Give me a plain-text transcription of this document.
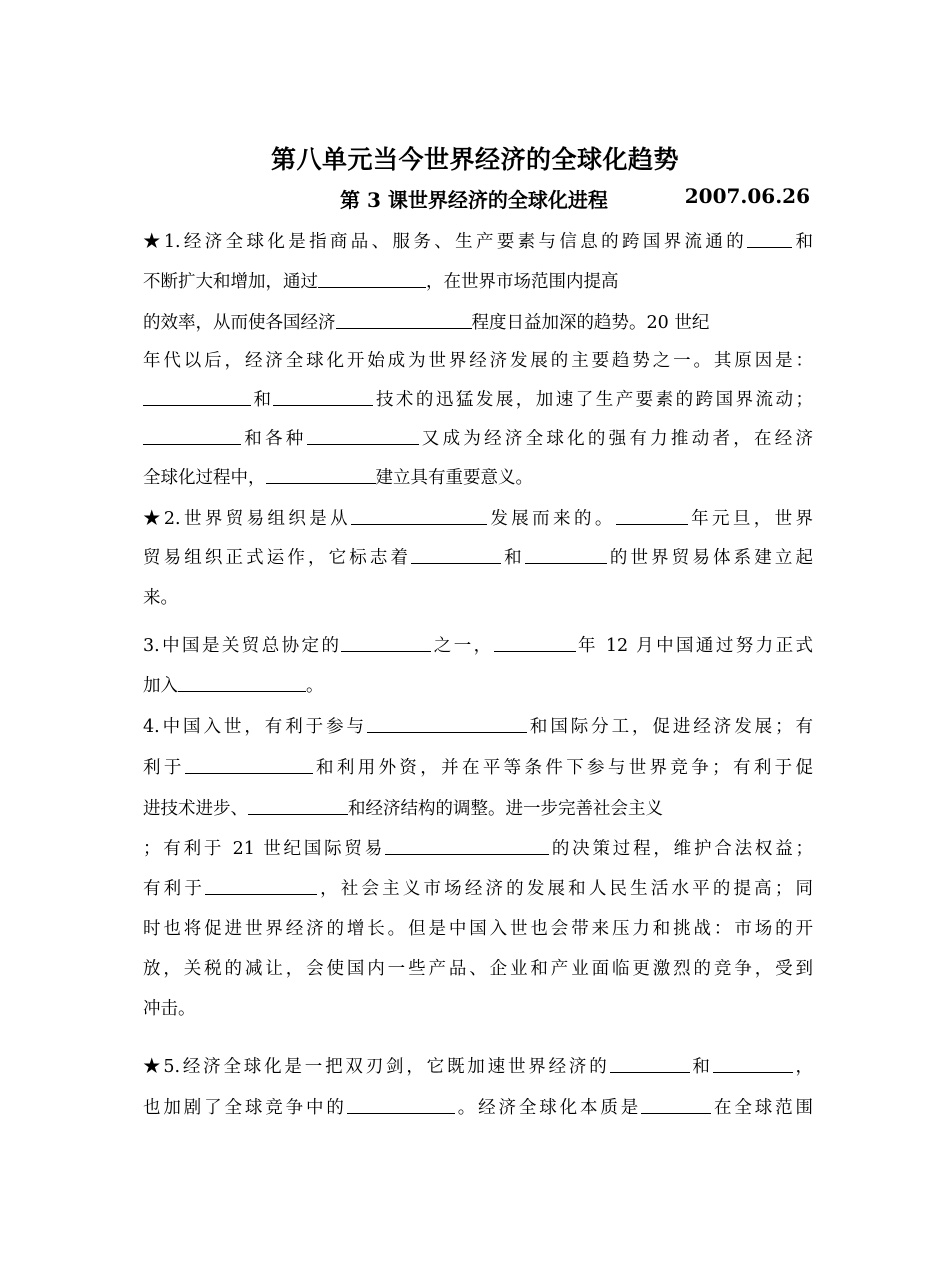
第八单元当今世界经济的全球化趋势
第 3 课世界经济的全球化进程	2007.06.26
★1.经济全球化是指商品、服务、生产要素与信息的跨国界流通的	和
不断扩大和增加，通过	，在世界市场范围内提高
的效率，从而使各国经济	程度日益加深的趋势。20 世纪
年代以后，经济全球化开始成为世界经济发展的主要趋势之一。其原因是：
和	技术的迅猛发展，加速了生产要素的跨国界流动；
和各种	又成为经济全球化的强有力推动者，在经济
全球化过程中，	建立具有重要意义。
★2.世界贸易组织是从	发展而来的。	年元旦，世界
贸易组织正式运作，它标志着	和	的世界贸易体系建立起
来。
3.中国是关贸总协定的	之一，	年 12 月中国通过努力正式
加入	。
4.中国入世，有利于参与	和国际分工，促进经济发展；有
利于	和利用外资，并在平等条件下参与世界竞争；有利于促
进技术进步、	和经济结构的调整。进一步完善社会主义
；有利于 21 世纪国际贸易	的决策过程，维护合法权益；
有利于	，社会主义市场经济的发展和人民生活水平的提高；同
时也将促进世界经济的增长。但是中国入世也会带来压力和挑战：市场的开
放，关税的减让，会使国内一些产品、企业和产业面临更激烈的竞争，受到
冲击。
★5.经济全球化是一把双刃剑，它既加速世界经济的	和	，
也加剧了全球竞争中的	。经济全球化本质是	在全球范围
